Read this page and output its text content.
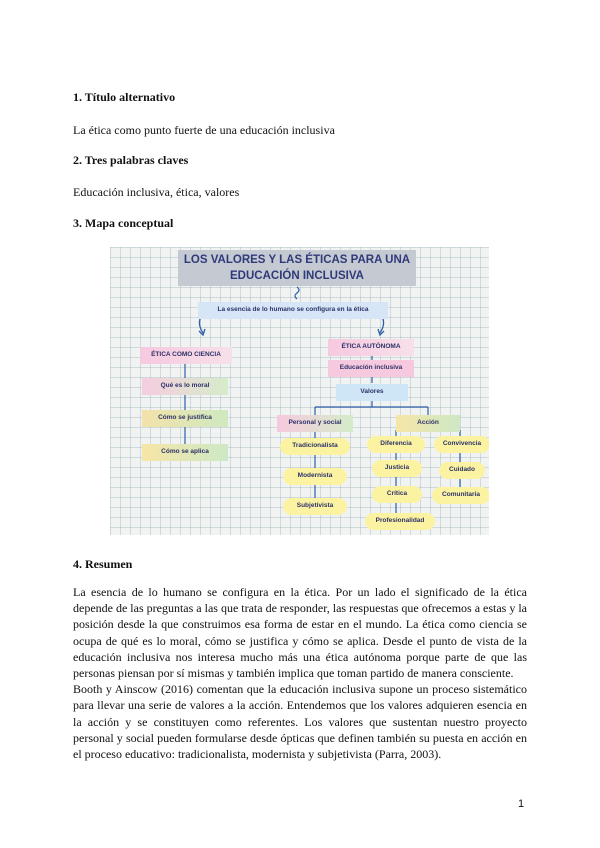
1. Título alternativo
La ética como punto fuerte de una educación inclusiva
2. Tres palabras claves
Educación inclusiva, ética, valores
3. Mapa conceptual
LOS VALORES Y LAS ÉTICAS PARA UNA
EDUCACIÓN INCLUSIVA
La esencia de lo humano se configura en la ética
ÉTICA COMO CIENCIA
Qué es lo moral
Cómo se justifica
Cómo se aplica
ÉTICA AUTÓNOMA
Educación inclusiva
Valores
Personal y social
Tradicionalista
Modernista
Subjetivista
Acción
Diferencia
Justicia
Crítica
Profesionalidad
Convivencia
Cuidado
Comunitaria
4. Resumen

La esencia de lo humano se configura en la ética. Por un lado el significado de la ética depende de las preguntas a las que trata de responder, las respuestas que ofrecemos a estas y la posición desde la que construimos esa forma de estar en el mundo. La ética como ciencia se ocupa de qué es lo moral, cómo se justifica y cómo se aplica. Desde el punto de vista de la educación inclusiva nos interesa mucho más una ética autónoma porque parte de que las personas piensan por sí mismas y también implica que toman partido de manera consciente.

Booth y Ainscow (2016) comentan que la educación inclusiva supone un proceso sistemático para llevar una serie de valores a la acción. Entendemos que los valores adquieren esencia en la acción y se constituyen como referentes. Los valores que sustentan nuestro proyecto personal y social pueden formularse desde ópticas que definen también su puesta en acción en el proceso educativo: tradicionalista, modernista y subjetivista (Parra, 2003).

1
